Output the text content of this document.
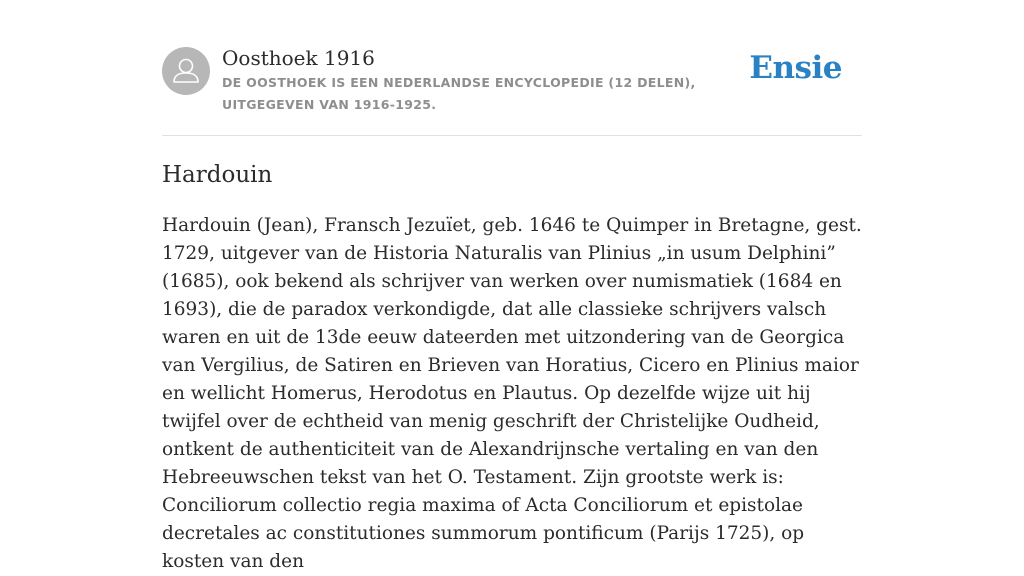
Oosthoek 1916
DE OOSTHOEK IS EEN NEDERLANDSE ENCYCLOPEDIE (12 DELEN), UITGEGEVEN VAN 1916-1925.
Ensie
Hardouin

Hardouin (Jean), Fransch Jezuïet, geb. 1646 te Quimper in Bretagne, gest. 1729, uitgever van de Historia Naturalis van Plinius „in usum Delphini” (1685), ook bekend als schrijver van werken over numismatiek (1684 en 1693), die de paradox verkondigde, dat alle classieke schrijvers valsch waren en uit de 13de eeuw dateerden met uitzondering van de Georgica van Vergilius, de Satiren en Brieven van Horatius, Cicero en Plinius maior en wellicht Homerus, Herodotus en Plautus. Op dezelfde wijze uit hij twijfel over de echtheid van menig geschrift der Christelijke Oudheid, ontkent de authenticiteit van de Alexandrijnsche vertaling en van den Hebreeuwschen tekst van het O. Testament. Zijn grootste werk is: Conciliorum collectio regia maxima of Acta Conciliorum et epistolae decretales ac constitutiones summorum pontificum (Parijs 1725), op kosten van den
